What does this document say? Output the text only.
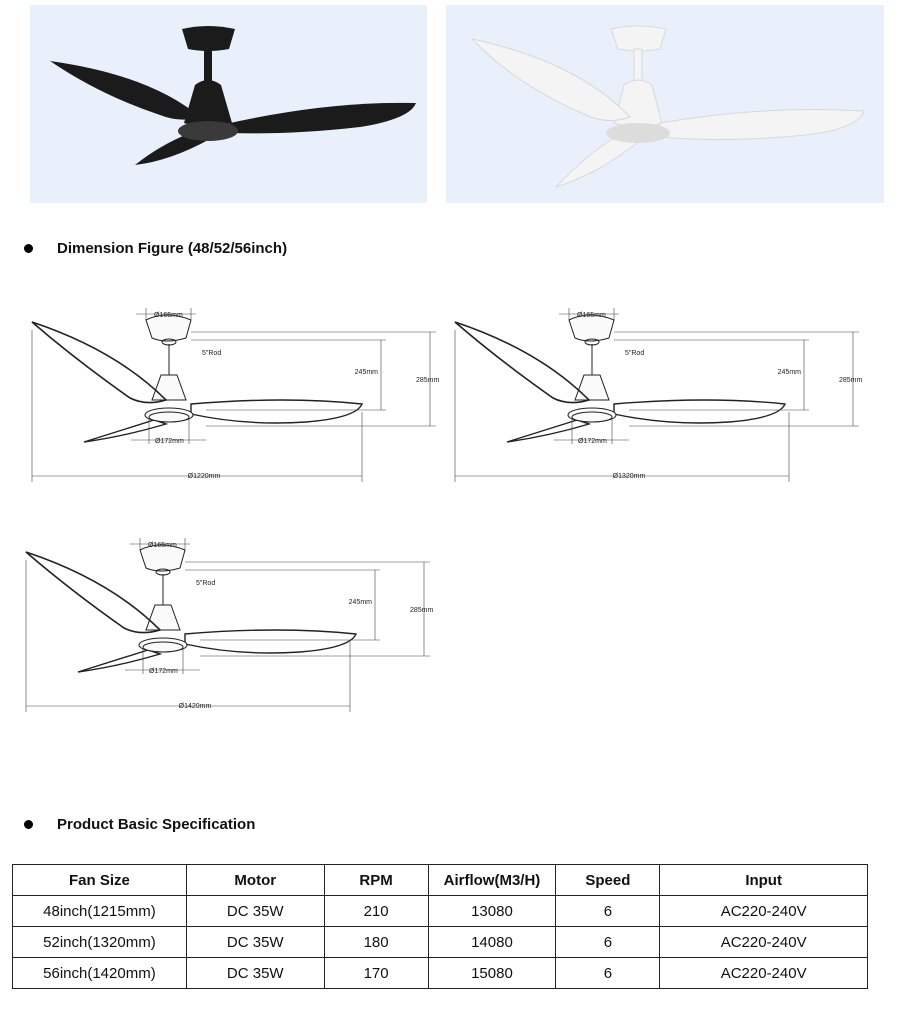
Dimension Figure (48/52/56inch)
Ø165mm
5"Rod
245mm
285mm
Ø172mm
Ø1220mm
Ø165mm
5"Rod
245mm
285mm
Ø172mm
Ø1320mm
Ø165mm
5"Rod
245mm
285mm
Ø172mm
Ø1420mm
Product Basic Specification
Fan Size	Motor	RPM	Airflow(M3/H)	Speed	Input
48inch(1215mm)	DC 35W	210	13080	6	AC220-240V
52inch(1320mm)	DC 35W	180	14080	6	AC220-240V
56inch(1420mm)	DC 35W	170	15080	6	AC220-240V
